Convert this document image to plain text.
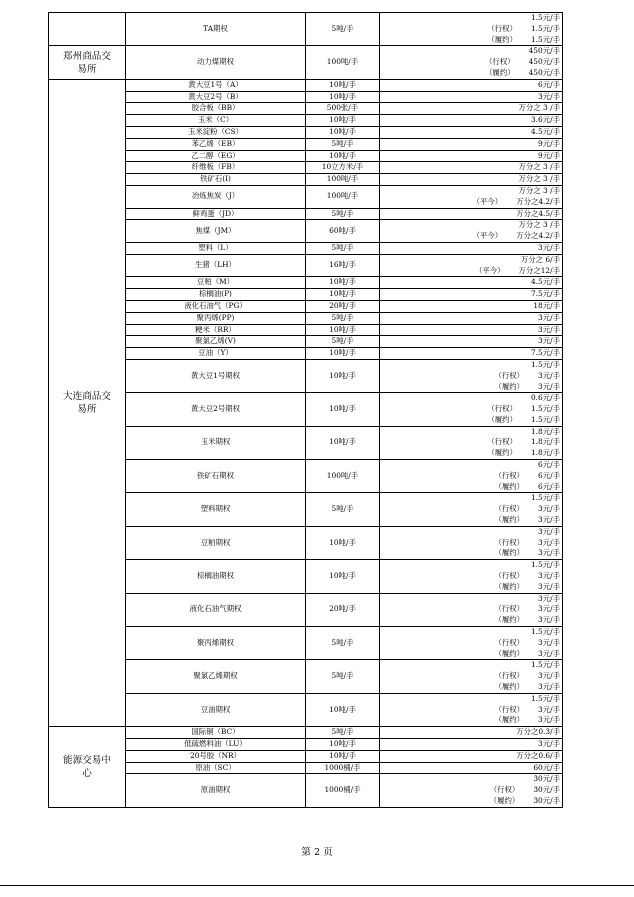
	TA期权	5吨/手	1.5元/手
（行权） 1.5元/手
（履约） 1.5元/手

郑州商品交易所	动力煤期权	100吨/手	450元/手
（行权） 450元/手
（履约） 450元/手

大连商品交易所	黄大豆1号（A）	10吨/手	6元/手

	黄大豆2号（B）	10吨/手	3元/手

	胶合板（BB）	500张/手	万分之 3 /手

	玉米（C）	10吨/手	3.6元/手

	玉米淀粉（CS）	10吨/手	4.5元/手

	苯乙烯（EB）	5吨/手	9元/手

	乙二醇（EG）	10吨/手	9元/手

	纤维板（FB）	10立方米/手	万分之 3 /手

	铁矿石(I)	100吨/手	万分之 3 /手

	冶炼焦炭（J）	100吨/手	万分之 3 /手
（平今） 万分之4.2/手

	鲜鸡蛋（JD）	5吨/手	万分之4.5/手

	焦煤（JM）	60吨/手	万分之 3 /手
（平今） 万分之4.2/手

	塑料（L）	5吨/手	3元/手

	生猪（LH）	16吨/手	万分之 6/手
（平今） 万分之12/手

	豆粕（M）	10吨/手	4.5元/手

	棕榈油(P)	10吨/手	7.5元/手

	液化石油气（PG）	20吨/手	18元/手

	聚丙烯(PP)	5吨/手	3元/手

	粳米（RR）	10吨/手	3元/手

	聚氯乙烯(V)	5吨/手	3元/手

	豆油（Y）	10吨/手	7.5元/手

	黄大豆1号期权	10吨/手	1.5元/手
（行权） 3元/手
（履约） 3元/手

	黄大豆2号期权	10吨/手	0.6元/手
（行权） 1.5元/手
（履约） 1.5元/手

	玉米期权	10吨/手	1.8元/手
（行权） 1.8元/手
（履约） 1.8元/手

	铁矿石期权	100吨/手	6元/手
（行权） 6元/手
（履约） 6元/手

	塑料期权	5吨/手	1.5元/手
（行权） 3元/手
（履约） 3元/手

	豆粕期权	10吨/手	3元/手
（行权） 3元/手
（履约） 3元/手

	棕榈油期权	10吨/手	1.5元/手
（行权） 3元/手
（履约） 3元/手

	液化石油气期权	20吨/手	3元/手
（行权） 3元/手
（履约） 3元/手

	聚丙烯期权	5吨/手	1.5元/手
（行权） 3元/手
（履约） 3元/手

	聚氯乙烯期权	5吨/手	1.5元/手
（行权） 3元/手
（履约） 3元/手

	豆油期权	10吨/手	1.5元/手
（行权） 3元/手
（履约） 3元/手

能源交易中心	国际铜（BC）	5吨/手	万分之0.3/手

	低硫燃料油（LU）	10吨/手	3元/手

	20号胶（NR）	10吨/手	万分之0.6/手

	原油（SC）	1000桶/手	60元/手

	原油期权	1000桶/手	30元/手
（行权） 30元/手
（履约） 30元/手
第 2 页
